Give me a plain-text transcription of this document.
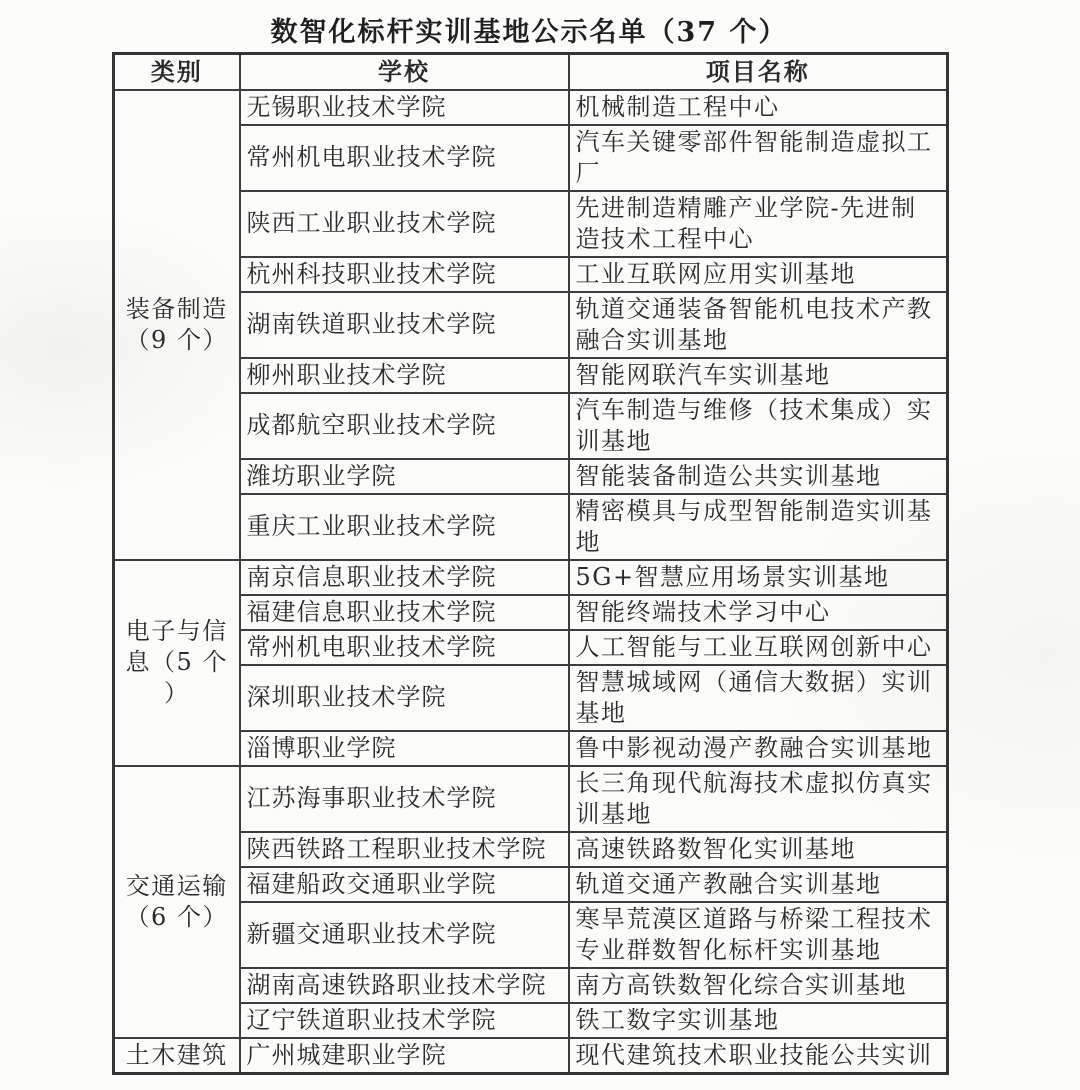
数智化标杆实训基地公示名单（37 个）
类别	学校	项目名称
装备制造（9 个）	无锡职业技术学院	机械制造工程中心
	常州机电职业技术学院	汽车关键零部件智能制造虚拟工厂
	陕西工业职业技术学院	先进制造精雕产业学院-先进制造技术工程中心
	杭州科技职业技术学院	工业互联网应用实训基地
	湖南铁道职业技术学院	轨道交通装备智能机电技术产教融合实训基地
	柳州职业技术学院	智能网联汽车实训基地
	成都航空职业技术学院	汽车制造与维修（技术集成）实训基地
	潍坊职业学院	智能装备制造公共实训基地
	重庆工业职业技术学院	精密模具与成型智能制造实训基地
电子与信息（5 个）	南京信息职业技术学院	5G+智慧应用场景实训基地
	福建信息职业技术学院	智能终端技术学习中心
	常州机电职业技术学院	人工智能与工业互联网创新中心
	深圳职业技术学院	智慧城域网（通信大数据）实训基地
	淄博职业学院	鲁中影视动漫产教融合实训基地
交通运输（6 个）	江苏海事职业技术学院	长三角现代航海技术虚拟仿真实训基地
	陕西铁路工程职业技术学院	高速铁路数智化实训基地
	福建船政交通职业学院	轨道交通产教融合实训基地
	新疆交通职业技术学院	寒旱荒漠区道路与桥梁工程技术专业群数智化标杆实训基地
	湖南高速铁路职业技术学院	南方高铁数智化综合实训基地
	辽宁铁道职业技术学院	铁工数字实训基地
土木建筑	广州城建职业学院	现代建筑技术职业技能公共实训
